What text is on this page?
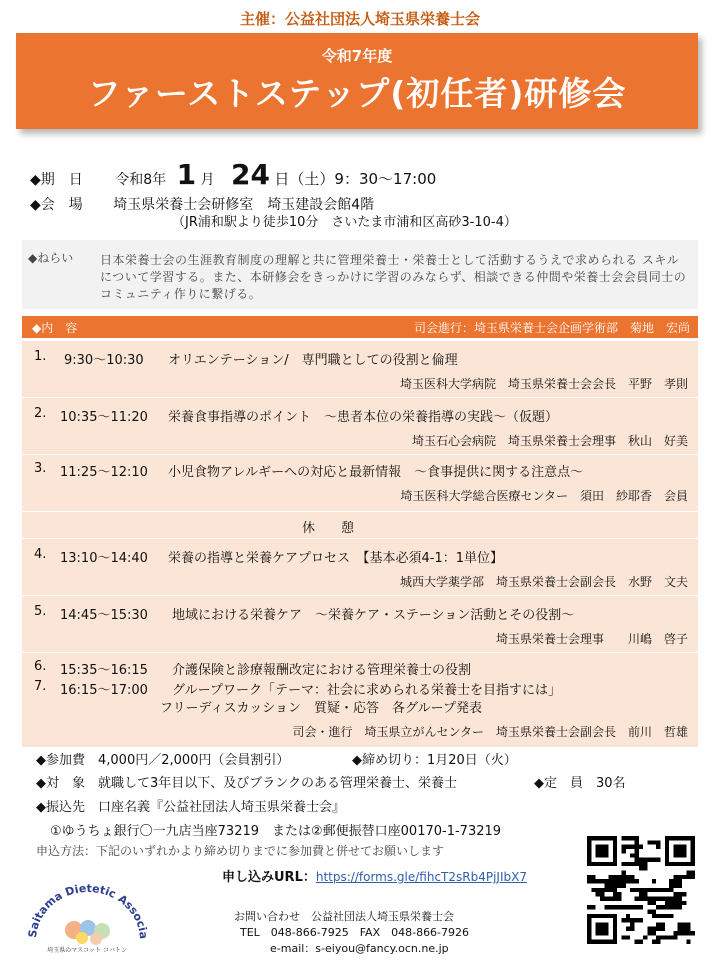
主催：公益社団法人埼玉県栄養士会
令和7年度
ファーストステップ(初任者)研修会
◆期　日 令和8年 1 月 24 日（土）9：30〜17:00
◆会　場 埼玉県栄養士会研修室　埼玉建設会館4階
（JR浦和駅より徒歩10分　さいたま市浦和区高砂3-10-4）
◆ねらい 日本栄養士会の生涯教育制度の理解と共に管理栄養士・栄養士として活動するうえで求められる スキルについて学習する。また、本研修会をきっかけに学習のみならず、相談できる仲間や栄養士会会員同士のコミュニティ作りに繋げる。
◆内　容	司会進行：埼玉県栄養士会企画学術部　菊地　宏尚
1. 9:30〜10:30 オリエンテーション/　専門職としての役割と倫理
埼玉医科大学病院　埼玉県栄養士会会長　平野　孝則
2. 10:35〜11:20 栄養食事指導のポイント　〜患者本位の栄養指導の実践〜（仮題）
埼玉石心会病院　埼玉県栄養士会理事　秋山　好美
3. 11:25〜12:10 小児食物アレルギーへの対応と最新情報　〜食事提供に関する注意点〜
埼玉医科大学総合医療センター　須田　紗耶香　会員
休　　憩
4. 13:10〜14:40 栄養の指導と栄養ケアプロセス　【基本必須4-1：1単位】
城西大学薬学部　埼玉県栄養士会副会長　水野　文夫
5. 14:45〜15:30 地域における栄養ケア　〜栄養ケア・ステーション活動とその役割〜
埼玉県栄養士会理事　　川嶋　啓子
6. 15:35〜16:15 介護保険と診療報酬改定における管理栄養士の役割
7. 16:15〜17:00 グループワーク「テーマ：社会に求められる栄養士を目指すには」
フリーディスカッション　質疑・応答　各グループ発表
司会・進行　埼玉県立がんセンター　埼玉県栄養士会副会長　前川　哲雄
◆参加費　4,000円／2,000円（会員割引）	◆締め切り：1月20日（火）
◆対　象　就職して3年目以下、及びブランクのある管理栄養士、栄養士	◆定　員　30名
◆振込先　口座名義『公益社団法人埼玉県栄養士会』
①ゆうちょ銀行〇一九店当座73219　または②郵便振替口座00170-1-73219
申込方法：下記のいずれかより締め切りまでに参加費と併せてお願いします
申し込みURL：https://forms.gle/fihcT2sRb4PjJIbX7
お問い合わせ　公益社団法人埼玉県栄養士会
TEL　048-866-7925　FAX　048-866-7926
e-mail：s-eiyou@fancy.ocn.ne.jp
Saitama Dietetic Associa
埼玉県のマスコット コバトン
